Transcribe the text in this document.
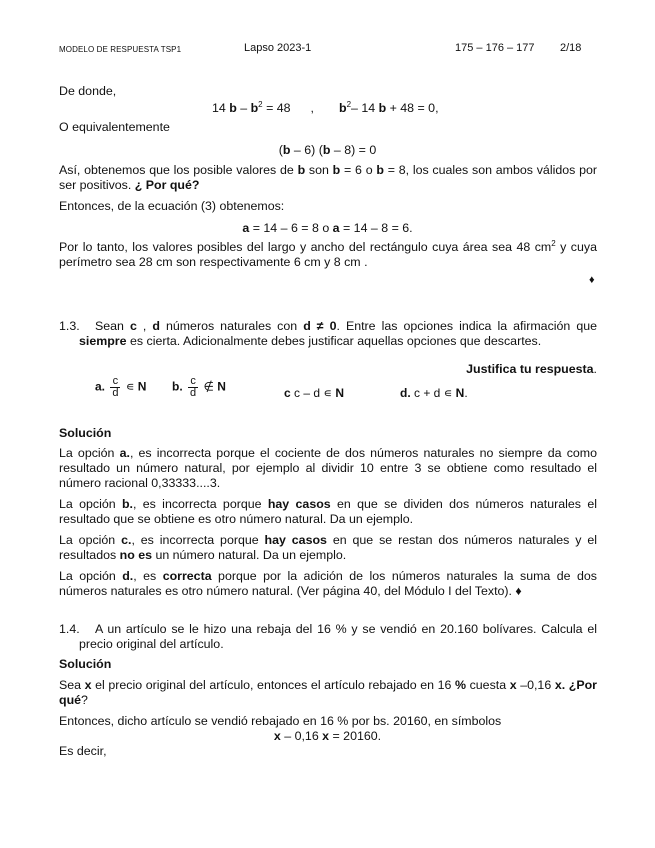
MODELO DE RESPUESTA TSP1	Lapso 2023-1	175 – 176 – 177 2/18
De donde,
14 $b - b^2 = 48$ , $b^2-$ 14 b + 48 = 0,
O equivalentemente
(b – 6) (b – 8) = 0
Así, obtenemos que los posible valores de b son b = 6 o b = 8, los cuales son ambos válidos por ser positivos. ¿ Por qué?
Entonces, de la ecuación (3) obtenemos:
a = 14 – 6 = 8 o a = 14 – 8 = 6.
Por lo tanto, los valores posibles del largo y ancho del rectángulo cuya área sea 48 $cm^2$ y cuya perímetro sea 28 cm son respectivamente 6 cm y 8 cm .
♦
1.3.	Sean c , d números naturales con d ≠ 0. Entre las opciones indica la afirmación que siempre es cierta. Adicionalmente debes justificar aquellas opciones que descartes.
Justifica tu respuesta.
a. $\frac{c}{d}$ ∊ N b. $\frac{c}{d}$ ∉ N	c c – d ∊ N	d. c + d ∊ N.
Solución
La opción a., es incorrecta porque el cociente de dos números naturales no siempre da como resultado un número natural, por ejemplo al dividir 10 entre 3 se obtiene como resultado el número racional 0,33333....3.
La opción b., es incorrecta porque hay casos en que se dividen dos números naturales el resultado que se obtiene es otro número natural. Da un ejemplo.
La opción c., es incorrecta porque hay casos en que se restan dos números naturales y el resultados no es un número natural. Da un ejemplo.
La opción d., es correcta porque por la adición de los números naturales la suma de dos números naturales es otro número natural. (Ver página 40, del Módulo I del Texto). ♦
1.4.	A un artículo se le hizo una rebaja del 16 % y se vendió en 20.160 bolívares. Calcula el precio original del artículo.
Solución
Sea x el precio original del artículo, entonces el artículo rebajado en 16 % cuesta x –0,16 x. ¿Por qué?
Entonces, dicho artículo se vendió rebajado en 16 % por bs. 20160, en símbolos
x – 0,16 x = 20160.
Es decir,
